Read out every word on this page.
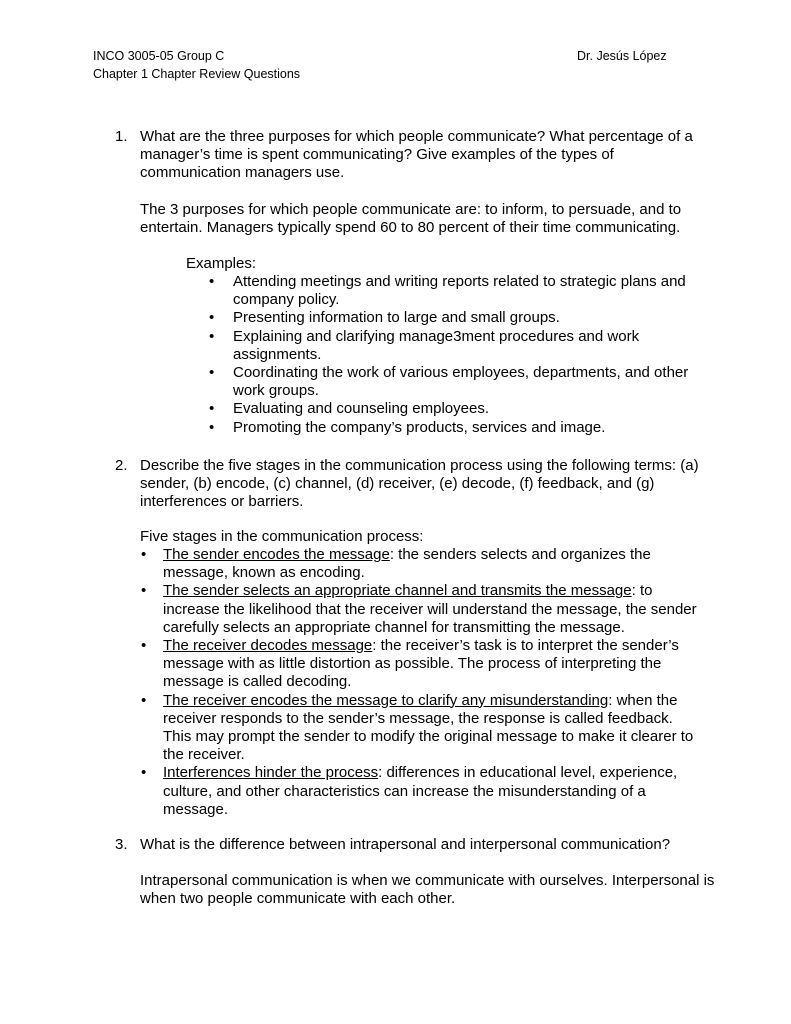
INCO 3005-05 Group C
Chapter 1 Chapter Review Questions
Dr. Jesús López
1. What are the three purposes for which people communicate? What percentage of a manager’s time is spent communicating? Give examples of the types of communication managers use.
The 3 purposes for which people communicate are: to inform, to persuade, and to entertain. Managers typically spend 60 to 80 percent of their time communicating.
Examples:
• Attending meetings and writing reports related to strategic plans and company policy.
• Presenting information to large and small groups.
• Explaining and clarifying manage3ment procedures and work assignments.
• Coordinating the work of various employees, departments, and other work groups.
• Evaluating and counseling employees.
• Promoting the company’s products, services and image.
2. Describe the five stages in the communication process using the following terms: (a) sender, (b) encode, (c) channel, (d) receiver, (e) decode, (f) feedback, and (g) interferences or barriers.
Five stages in the communication process:
• The sender encodes the message: the senders selects and organizes the message, known as encoding.
• The sender selects an appropriate channel and transmits the message: to increase the likelihood that the receiver will understand the message, the sender carefully selects an appropriate channel for transmitting the message.
• The receiver decodes message: the receiver’s task is to interpret the sender’s message with as little distortion as possible. The process of interpreting the message is called decoding.
• The receiver encodes the message to clarify any misunderstanding: when the receiver responds to the sender’s message, the response is called feedback. This may prompt the sender to modify the original message to make it clearer to the receiver.
• Interferences hinder the process: differences in educational level, experience, culture, and other characteristics can increase the misunderstanding of a message.
3. What is the difference between intrapersonal and interpersonal communication?
Intrapersonal communication is when we communicate with ourselves. Interpersonal is when two people communicate with each other.
